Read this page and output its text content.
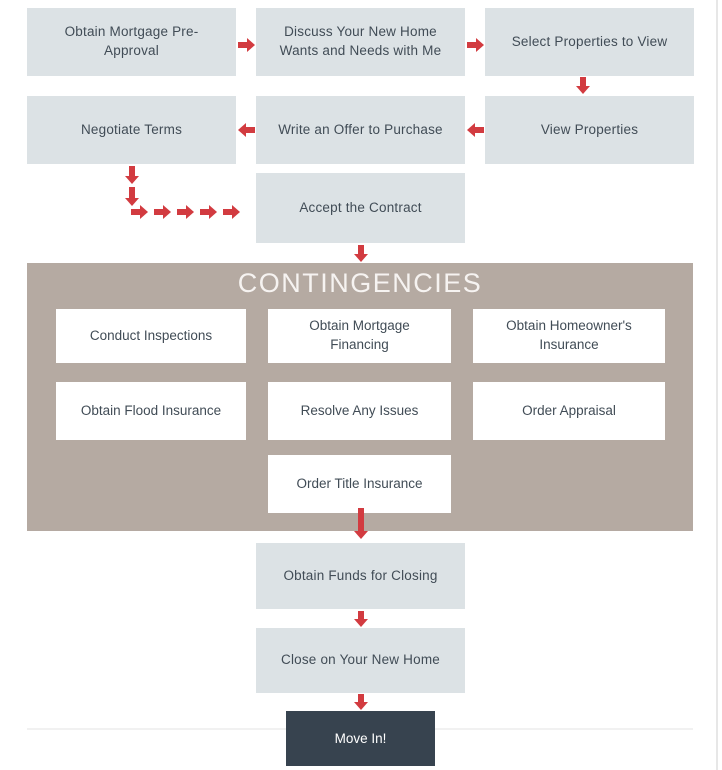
Obtain Mortgage Pre-Approval
Discuss Your New Home Wants and Needs with Me
Select Properties to View
Negotiate Terms	Write an Offer to Purchase	View Properties
Accept the Contract
CONTINGENCIES
Conduct Inspections
Obtain Mortgage Financing
Obtain Homeowner's Insurance
Obtain Flood Insurance	Resolve Any Issues	Order Appraisal
Order Title Insurance
Obtain Funds for Closing
Close on Your New Home
Move In!
